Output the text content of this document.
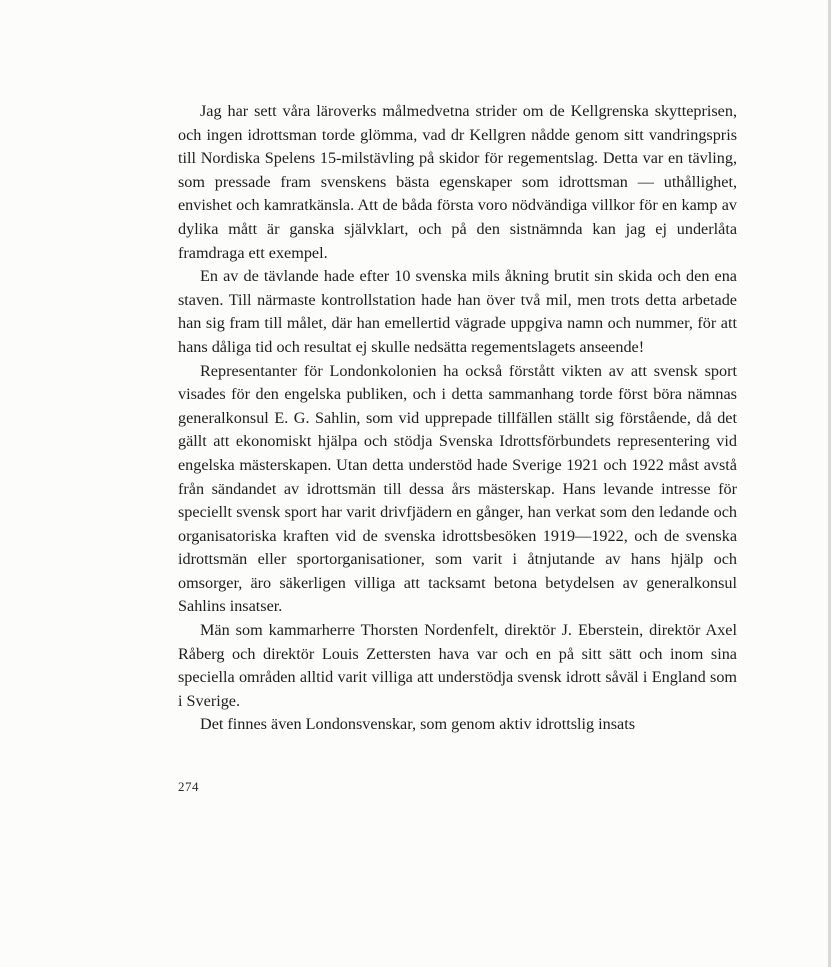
Jag har sett våra läroverks målmedvetna strider om de Kellgrenska skytteprisen, och ingen idrottsman torde glömma, vad dr Kellgren nådde genom sitt vandringspris till Nordiska Spelens 15-milstävling på skidor för regementslag. Detta var en tävling, som pressade fram svenskens bästa egenskaper som idrottsman — uthållighet, envishet och kamratkänsla. Att de båda första voro nödvändiga villkor för en kamp av dylika mått är ganska självklart, och på den sistnämnda kan jag ej underlåta framdraga ett exempel.

En av de tävlande hade efter 10 svenska mils åkning brutit sin skida och den ena staven. Till närmaste kontrollstation hade han över två mil, men trots detta arbetade han sig fram till målet, där han emellertid vägrade uppgiva namn och nummer, för att hans dåliga tid och resultat ej skulle nedsätta regementslagets anseende!

Representanter för Londonkolonien ha också förstått vikten av att svensk sport visades för den engelska publiken, och i detta sammanhang torde först böra nämnas generalkonsul E. G. Sahlin, som vid upprepade tillfällen ställt sig förstående, då det gällt att ekonomiskt hjälpa och stödja Svenska Idrottsförbundets representering vid engelska mästerskapen. Utan detta understöd hade Sverige 1921 och 1922 måst avstå från sändandet av idrottsmän till dessa års mästerskap. Hans levande intresse för speciellt svensk sport har varit drivfjädern en gånger, han verkat som den ledande och organisatoriska kraften vid de svenska idrottsbesöken 1919—1922, och de svenska idrottsmän eller sportorganisationer, som varit i åtnjutande av hans hjälp och omsorger, äro säkerligen villiga att tacksamt betona betydelsen av generalkonsul Sahlins insatser.

Män som kammarherre Thorsten Nordenfelt, direktör J. Eberstein, direktör Axel Råberg och direktör Louis Zettersten hava var och en på sitt sätt och inom sina speciella områden alltid varit villiga att understödja svensk idrott såväl i England som i Sverige.

Det finnes även Londonsvenskar, som genom aktiv idrottslig insats

274
